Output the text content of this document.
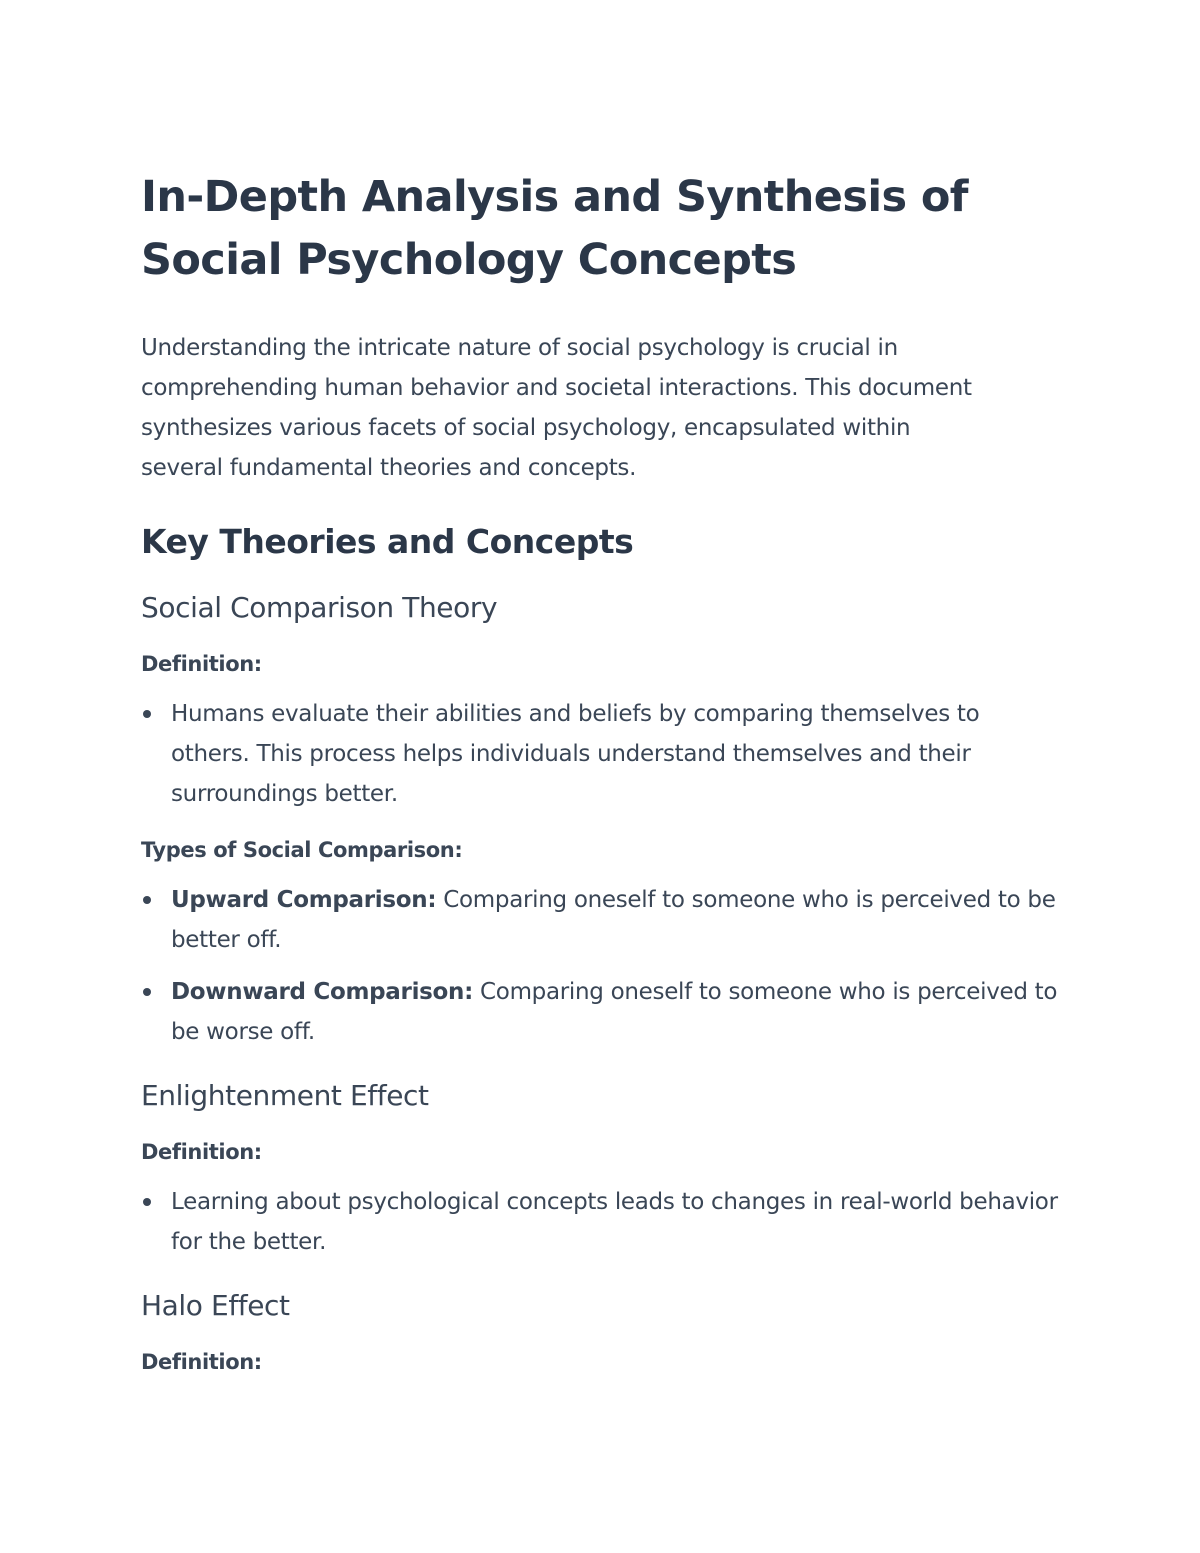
In-Depth Analysis and Synthesis of
Social Psychology Concepts

Understanding the intricate nature of social psychology is crucial in
comprehending human behavior and societal interactions. This document
synthesizes various facets of social psychology, encapsulated within
several fundamental theories and concepts.

Key Theories and Concepts
Social Comparison Theory

Definition:

Humans evaluate their abilities and beliefs by comparing themselves to others. This process helps individuals understand themselves and their surroundings better.

Types of Social Comparison:

Upward Comparison: Comparing oneself to someone who is perceived to be better off.
Downward Comparison: Comparing oneself to someone who is perceived to be worse off.
Enlightenment Effect

Definition:

Learning about psychological concepts leads to changes in real-world behavior for the better.
Halo Effect

Definition:
